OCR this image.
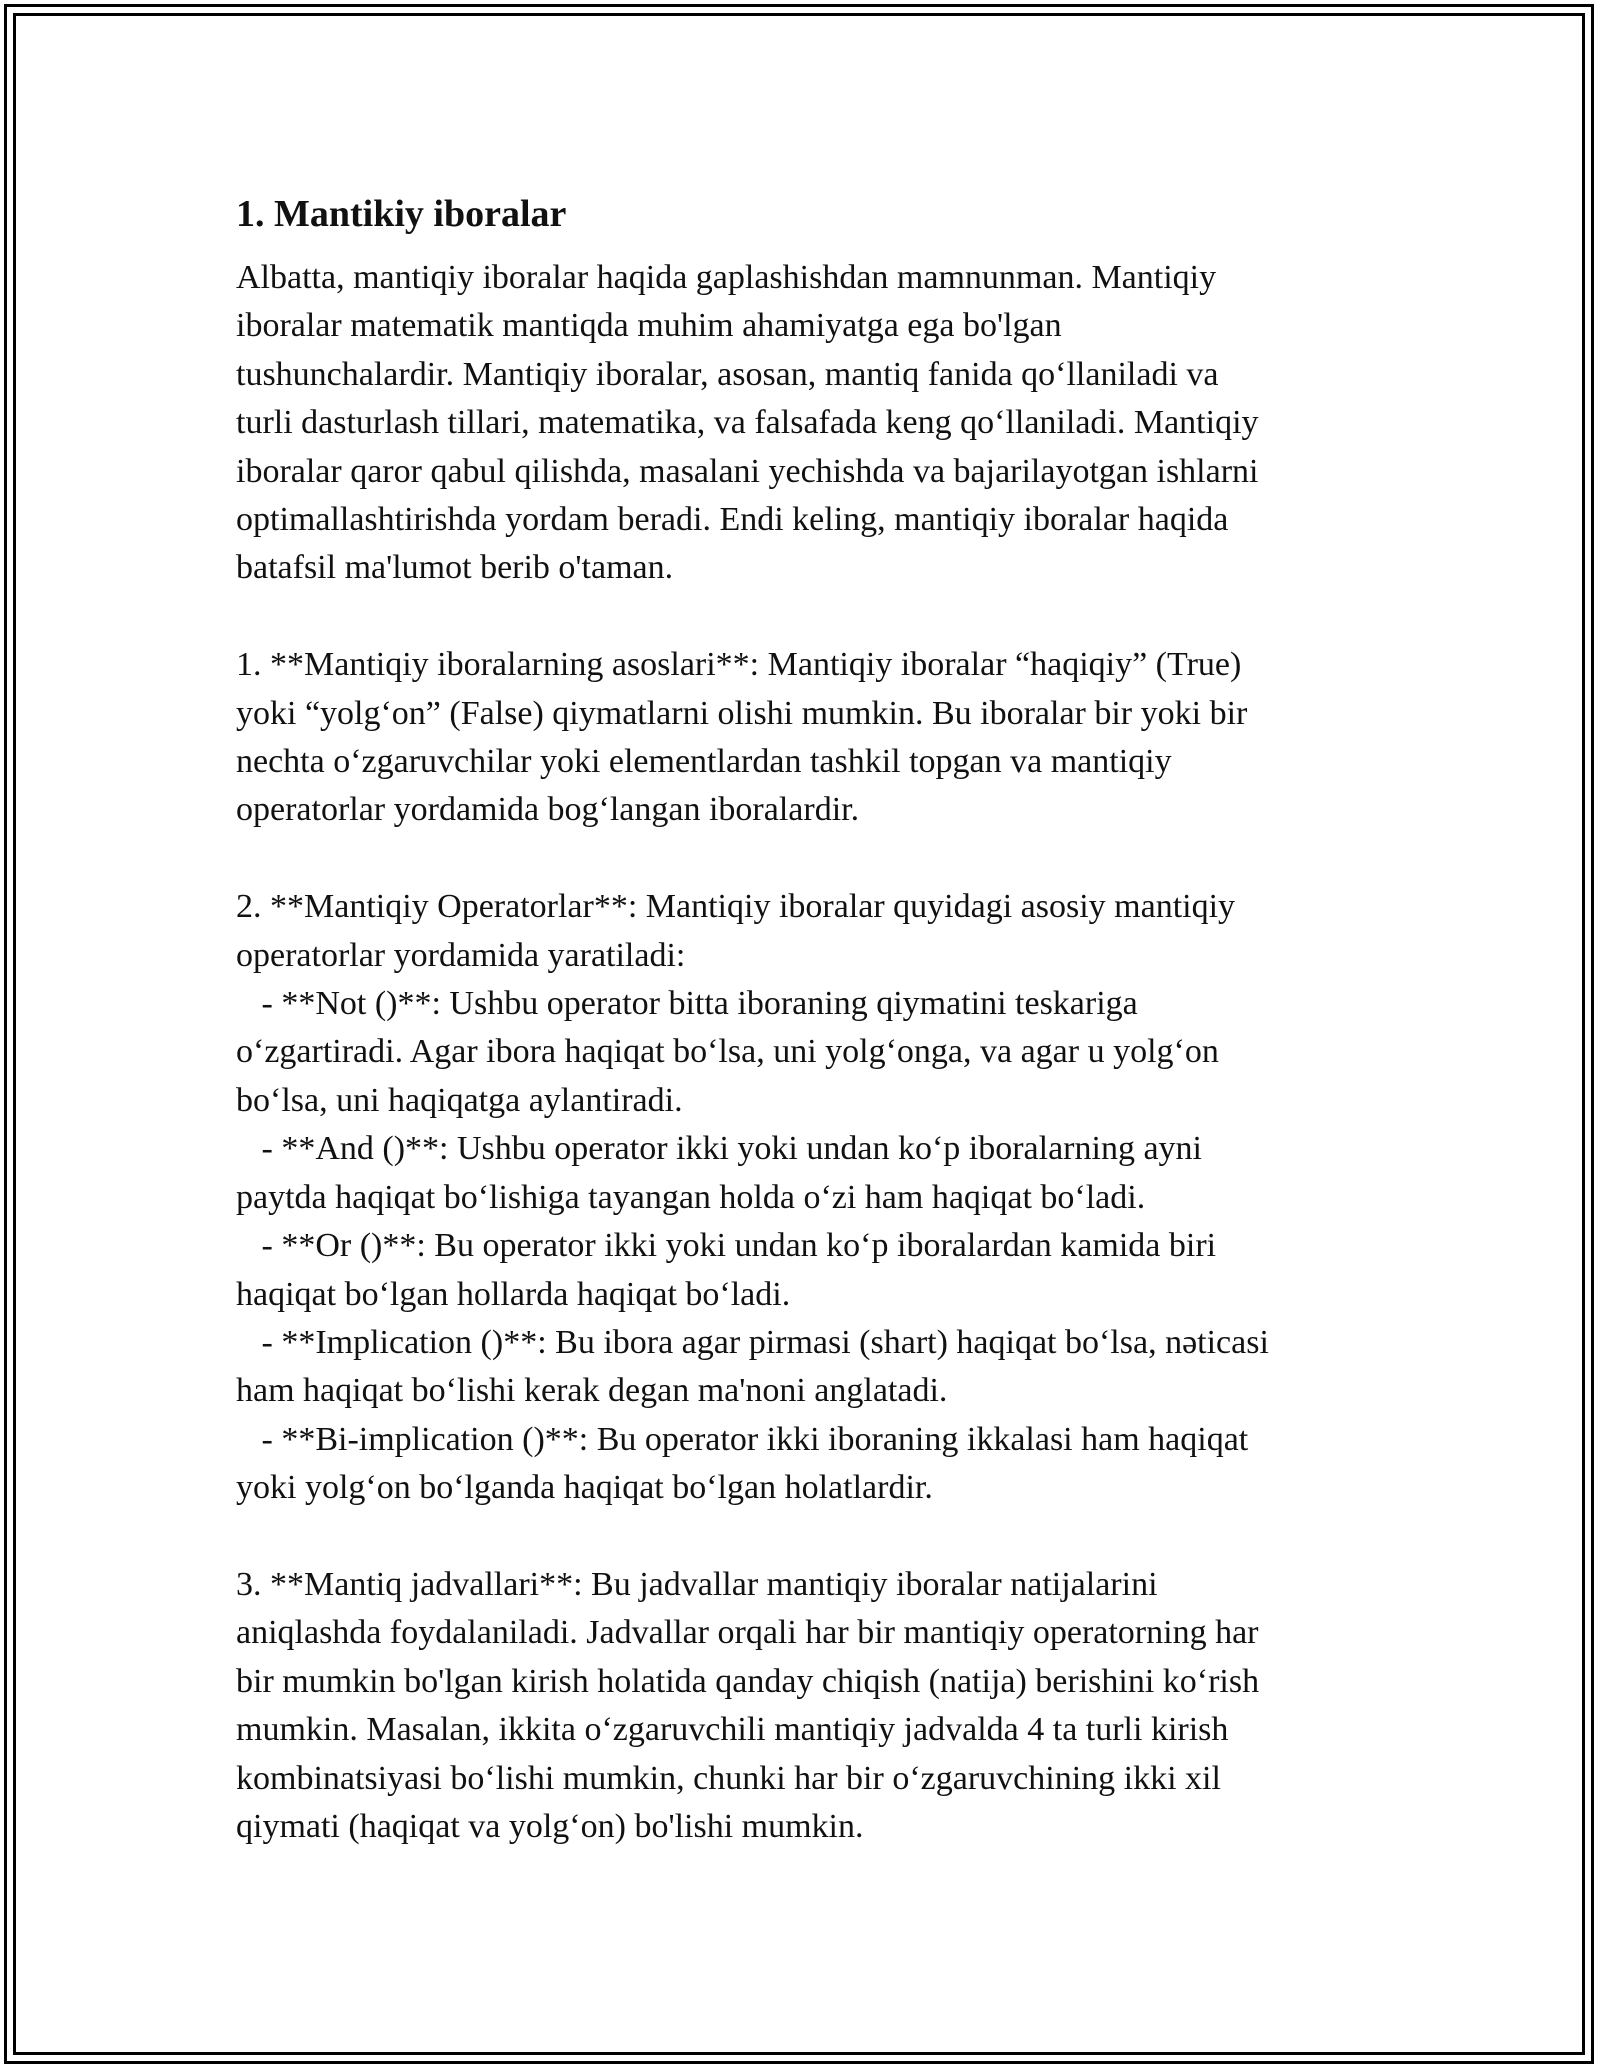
1. Mantikiy iboralar
Albatta, mantiqiy iboralar haqida gaplashishdan mamnunman. Mantiqiy
iboralar matematik mantiqda muhim ahamiyatga ega bo'lgan
tushunchalardir. Mantiqiy iboralar, asosan, mantiq fanida qo‘llaniladi va
turli dasturlash tillari, matematika, va falsafada keng qo‘llaniladi. Mantiqiy
iboralar qaror qabul qilishda, masalani yechishda va bajarilayotgan ishlarni
optimallashtirishda yordam beradi. Endi keling, mantiqiy iboralar haqida
batafsil ma'lumot berib o'taman.
1. **Mantiqiy iboralarning asoslari**: Mantiqiy iboralar “haqiqiy” (True)
yoki “yolg‘on” (False) qiymatlarni olishi mumkin. Bu iboralar bir yoki bir
nechta o‘zgaruvchilar yoki elementlardan tashkil topgan va mantiqiy
operatorlar yordamida bog‘langan iboralardir.
2. **Mantiqiy Operatorlar**: Mantiqiy iboralar quyidagi asosiy mantiqiy
operatorlar yordamida yaratiladi:
- **Not ()**: Ushbu operator bitta iboraning qiymatini teskariga
o‘zgartiradi. Agar ibora haqiqat bo‘lsa, uni yolg‘onga, va agar u yolg‘on
bo‘lsa, uni haqiqatga aylantiradi.
- **And ()**: Ushbu operator ikki yoki undan ko‘p iboralarning ayni
paytda haqiqat bo‘lishiga tayangan holda o‘zi ham haqiqat bo‘ladi.
- **Or ()**: Bu operator ikki yoki undan ko‘p iboralardan kamida biri
haqiqat bo‘lgan hollarda haqiqat bo‘ladi.
- **Implication ()**: Bu ibora agar pirmasi (shart) haqiqat bo‘lsa, nəticasi
ham haqiqat bo‘lishi kerak degan ma'noni anglatadi.
- **Bi-implication ()**: Bu operator ikki iboraning ikkalasi ham haqiqat
yoki yolg‘on bo‘lganda haqiqat bo‘lgan holatlardir.
3. **Mantiq jadvallari**: Bu jadvallar mantiqiy iboralar natijalarini
aniqlashda foydalaniladi. Jadvallar orqali har bir mantiqiy operatorning har
bir mumkin bo'lgan kirish holatida qanday chiqish (natija) berishini ko‘rish
mumkin. Masalan, ikkita o‘zgaruvchili mantiqiy jadvalda 4 ta turli kirish
kombinatsiyasi bo‘lishi mumkin, chunki har bir o‘zgaruvchining ikki xil
qiymati (haqiqat va yolg‘on) bo'lishi mumkin.
